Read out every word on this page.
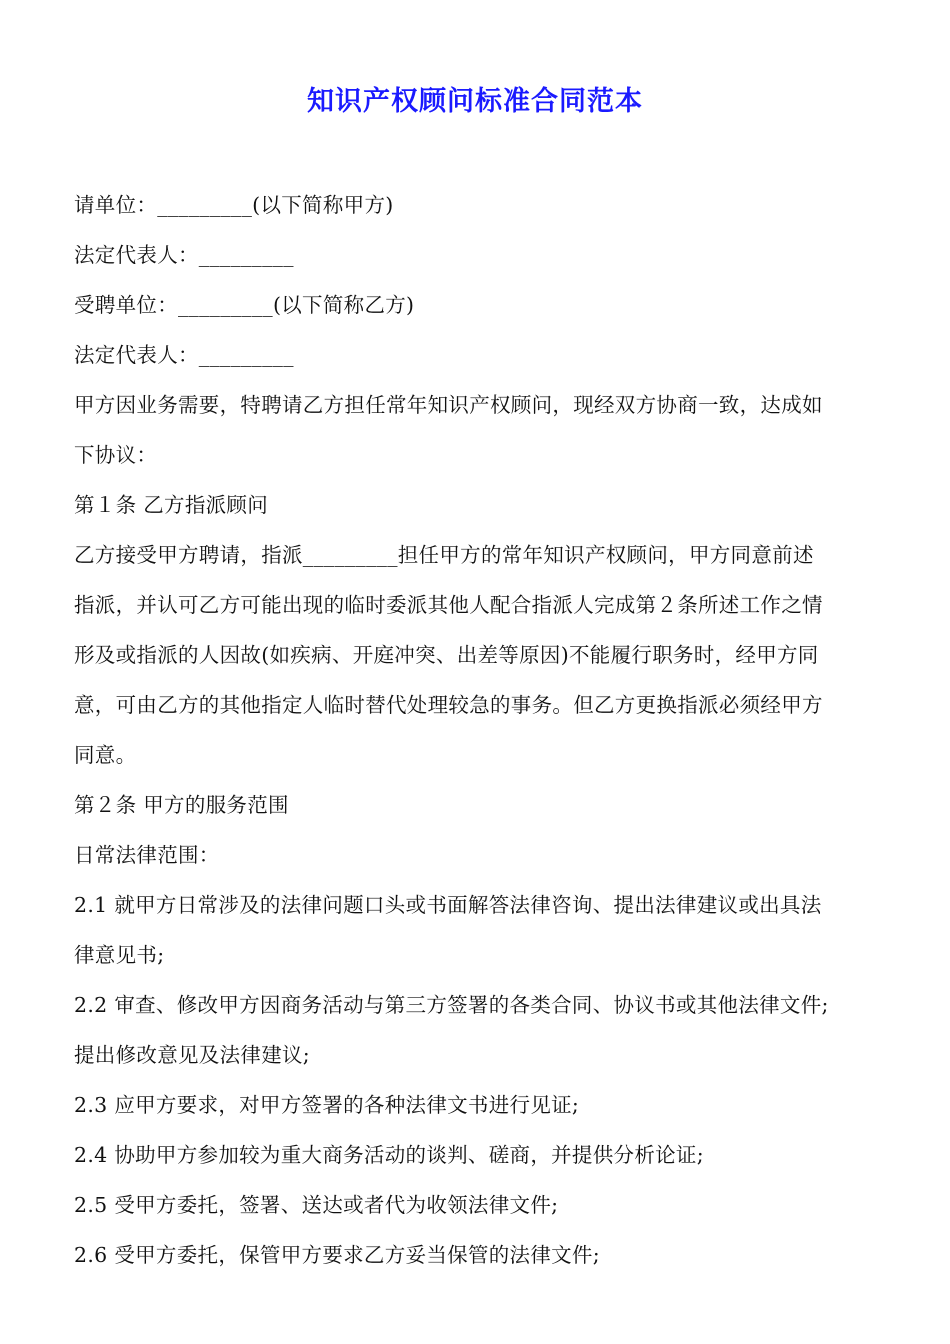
知识产权顾问标准合同范本
请单位：_________(以下简称甲方)
法定代表人：_________
受聘单位：_________(以下简称乙方)
法定代表人：_________
甲方因业务需要，特聘请乙方担任常年知识产权顾问，现经双方协商一致，达成如
下协议：
第１条 乙方指派顾问
乙方接受甲方聘请，指派_________担任甲方的常年知识产权顾问，甲方同意前述
指派，并认可乙方可能出现的临时委派其他人配合指派人完成第２条所述工作之情
形及或指派的人因故(如疾病、开庭冲突、出差等原因)不能履行职务时，经甲方同
意，可由乙方的其他指定人临时替代处理较急的事务。但乙方更换指派必须经甲方
同意。
第２条 甲方的服务范围
日常法律范围：
2.1 就甲方日常涉及的法律问题口头或书面解答法律咨询、提出法律建议或出具法
律意见书;
2.2 审查、修改甲方因商务活动与第三方签署的各类合同、协议书或其他法律文件;
提出修改意见及法律建议;
2.3 应甲方要求，对甲方签署的各种法律文书进行见证;
2.4 协助甲方参加较为重大商务活动的谈判、磋商，并提供分析论证;
2.5 受甲方委托，签署、送达或者代为收领法律文件;
2.6 受甲方委托，保管甲方要求乙方妥当保管的法律文件;
